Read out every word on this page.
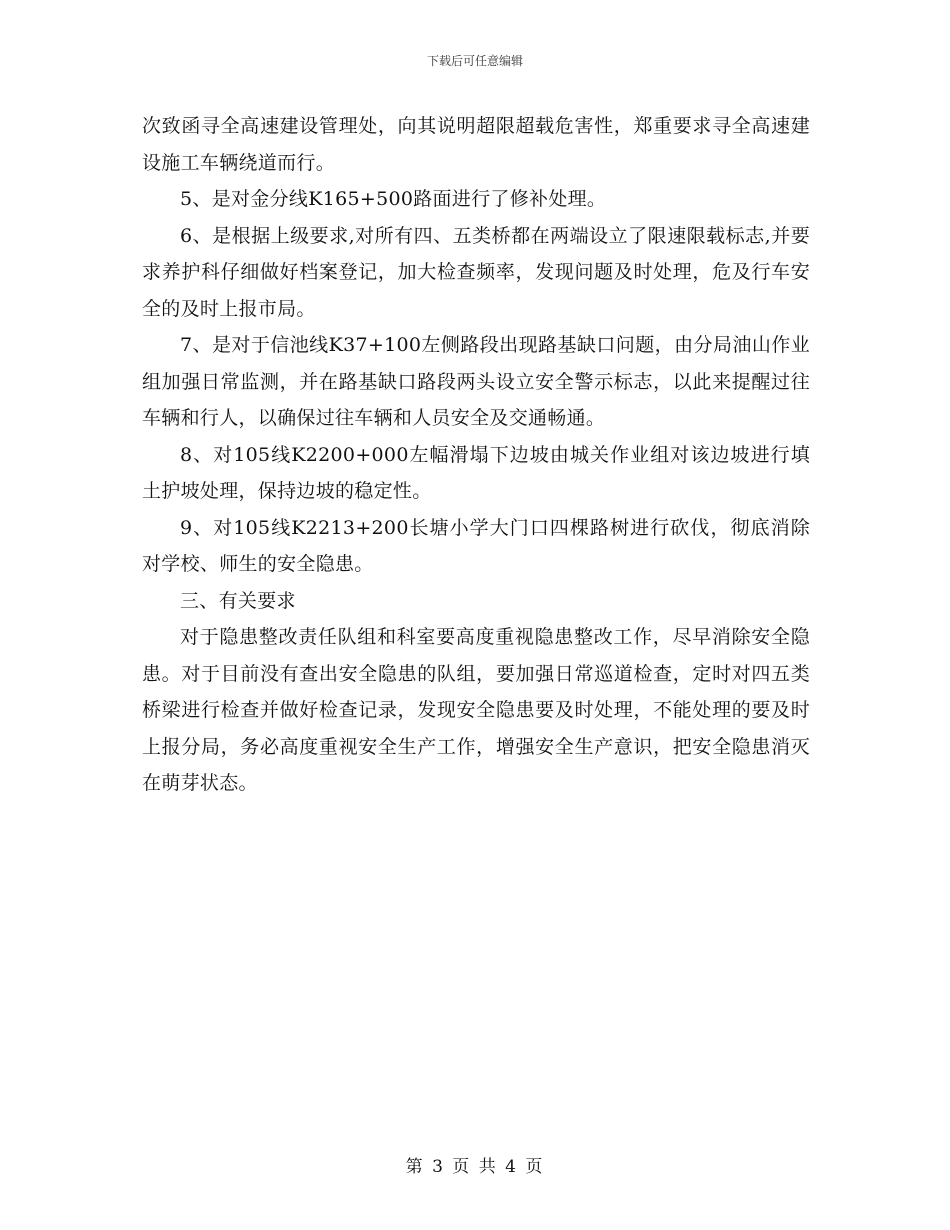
下载后可任意编辑

次致函寻全高速建设管理处，向其说明超限超载危害性，郑重要求寻全高速建设施工车辆绕道而行。

5、是对金分线K165+500路面进行了修补处理。

6、是根据上级要求,对所有四、五类桥都在两端设立了限速限载标志,并要求养护科仔细做好档案登记，加大检查频率，发现问题及时处理，危及行车安全的及时上报市局。

7、是对于信池线K37+100左侧路段出现路基缺口问题，由分局油山作业组加强日常监测，并在路基缺口路段两头设立安全警示标志，以此来提醒过往车辆和行人，以确保过往车辆和人员安全及交通畅通。

8、对105线K2200+000左幅滑塌下边坡由城关作业组对该边坡进行填土护坡处理，保持边坡的稳定性。

9、对105线K2213+200长塘小学大门口四棵路树进行砍伐，彻底消除对学校、师生的安全隐患。

三、有关要求

对于隐患整改责任队组和科室要高度重视隐患整改工作，尽早消除安全隐患。对于目前没有查出安全隐患的队组，要加强日常巡道检查，定时对四五类桥梁进行检查并做好检查记录，发现安全隐患要及时处理，不能处理的要及时上报分局，务必高度重视安全生产工作，增强安全生产意识，把安全隐患消灭在萌芽状态。

第 3 页 共 4 页
